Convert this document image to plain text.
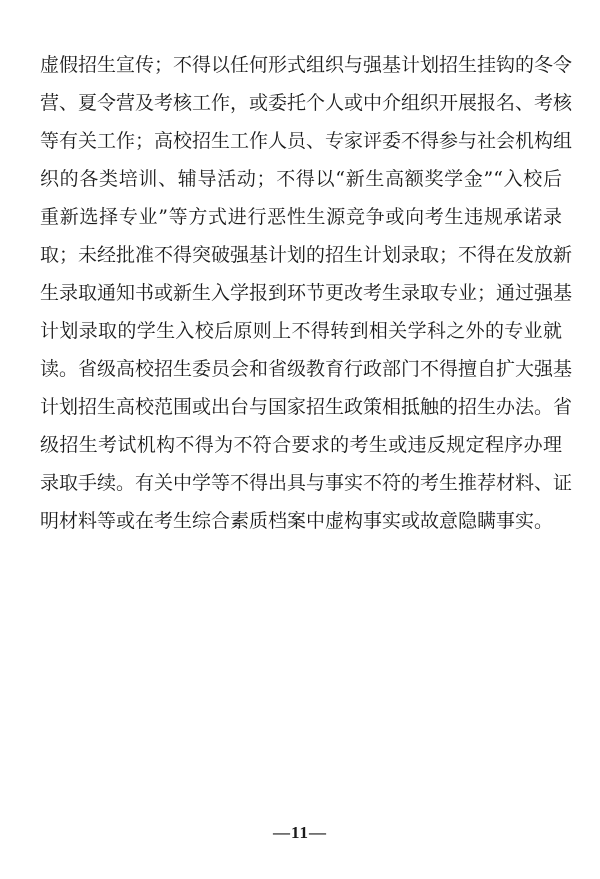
虚假招生宣传；不得以任何形式组织与强基计划招生挂钩的冬令
营、夏令营及考核工作，或委托个人或中介组织开展报名、考核
等有关工作；高校招生工作人员、专家评委不得参与社会机构组
织的各类培训、辅导活动；不得以“新生高额奖学金”“入校后
重新选择专业”等方式进行恶性生源竞争或向考生违规承诺录
取；未经批准不得突破强基计划的招生计划录取；不得在发放新
生录取通知书或新生入学报到环节更改考生录取专业；通过强基
计划录取的学生入校后原则上不得转到相关学科之外的专业就
读。省级高校招生委员会和省级教育行政部门不得擅自扩大强基
计划招生高校范围或出台与国家招生政策相抵触的招生办法。省
级招生考试机构不得为不符合要求的考生或违反规定程序办理
录取手续。有关中学等不得出具与事实不符的考生推荐材料、证
明材料等或在考生综合素质档案中虚构事实或故意隐瞒事实。
—11—
